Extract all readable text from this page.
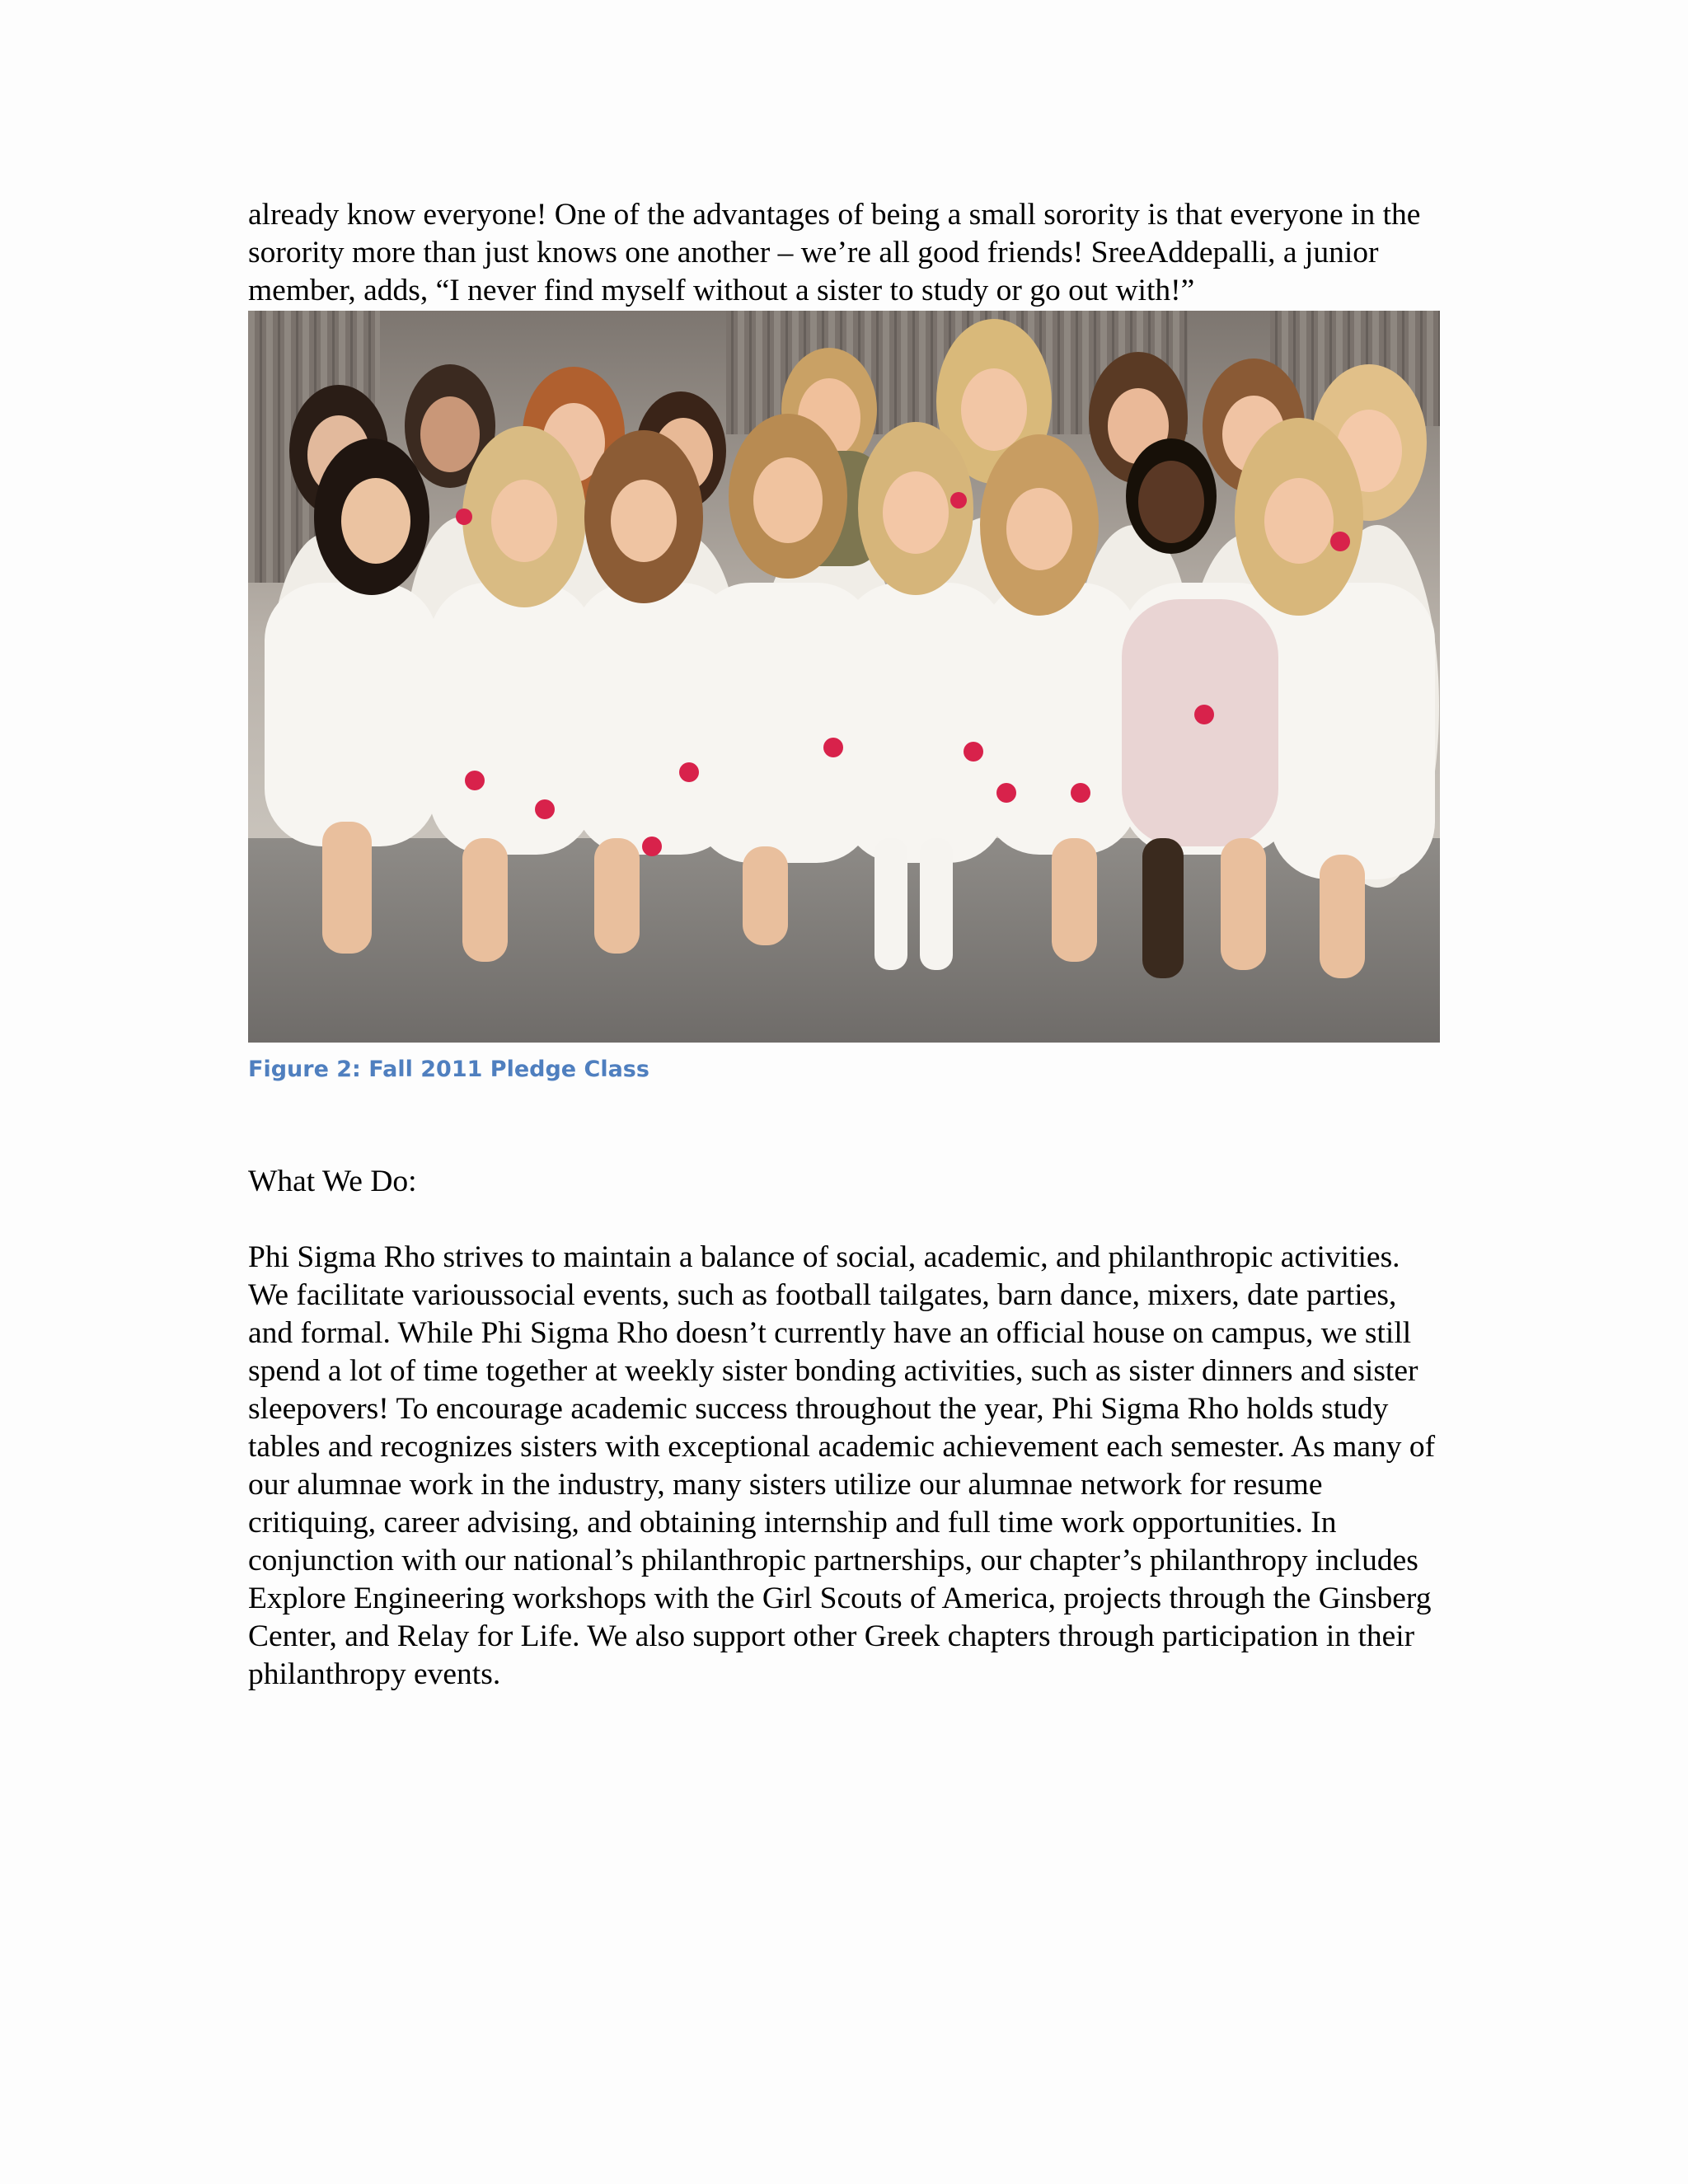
already know everyone! One of the advantages of being a small sorority is that everyone in the sorority more than just knows one another – we’re all good friends! SreeAddepalli, a junior member, adds, “I never find myself without a sister to study or go out with!”

Figure 2: Fall 2011 Pledge Class

What We Do:

Phi Sigma Rho strives to maintain a balance of social, academic, and philanthropic activities. We facilitate varioussocial events, such as football tailgates, barn dance, mixers, date parties, and formal. While Phi Sigma Rho doesn’t currently have an official house on campus, we still spend a lot of time together at weekly sister bonding activities, such as sister dinners and sister sleepovers! To encourage academic success throughout the year, Phi Sigma Rho holds study tables and recognizes sisters with exceptional academic achievement each semester. As many of our alumnae work in the industry, many sisters utilize our alumnae network for resume critiquing, career advising, and obtaining internship and full time work opportunities. In conjunction with our national’s philanthropic partnerships, our chapter’s philanthropy includes Explore Engineering workshops with the Girl Scouts of America, projects through the Ginsberg Center, and Relay for Life. We also support other Greek chapters through participation in their philanthropy events.
